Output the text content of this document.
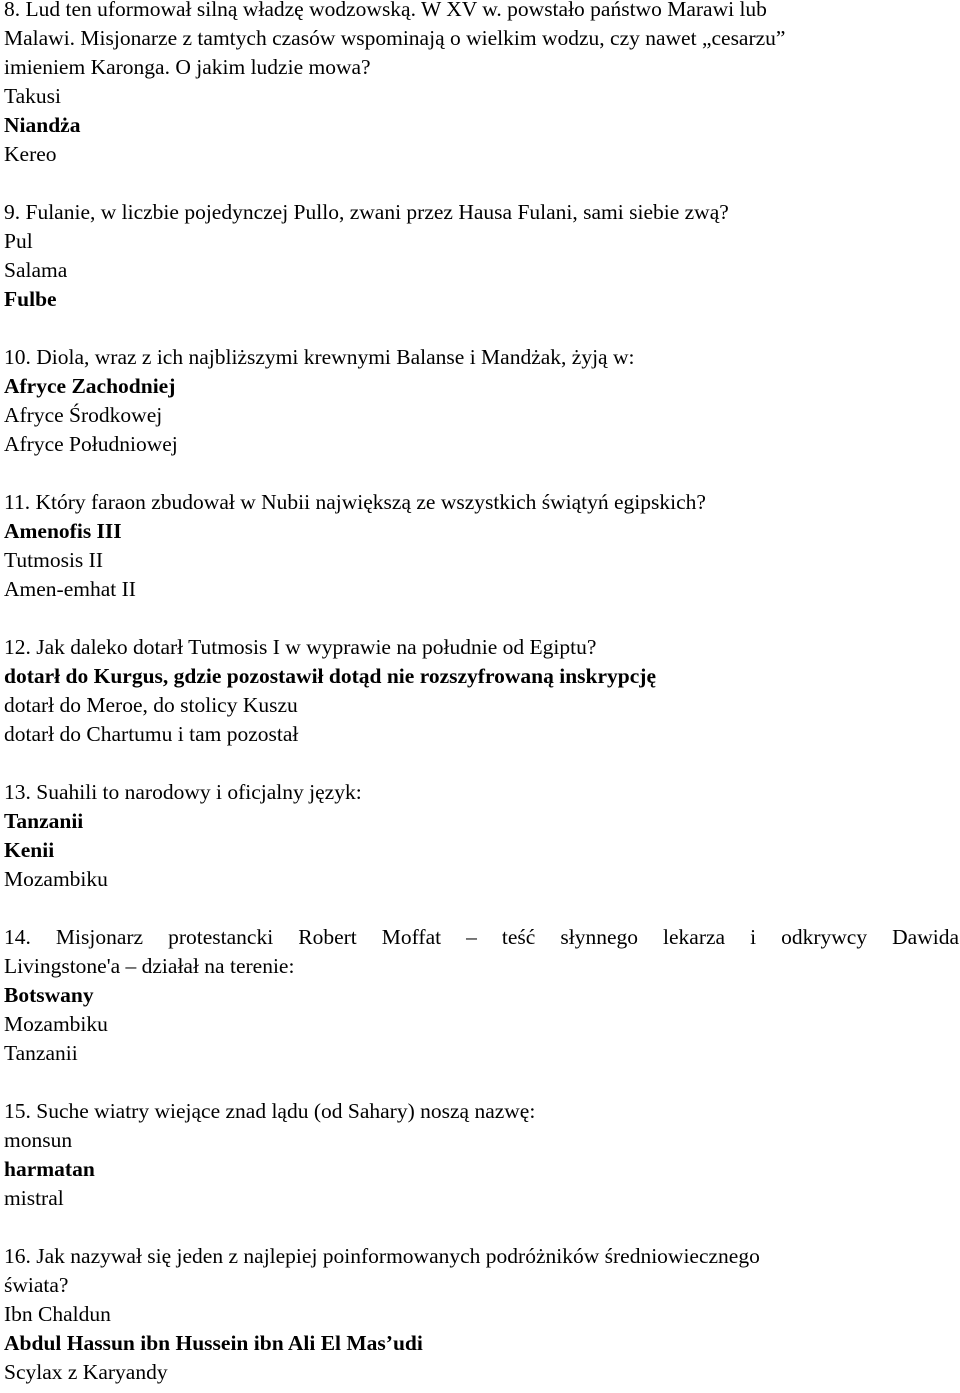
8. Lud ten uformował silną władzę wodzowską. W XV w. powstało państwo Marawi lub
Malawi. Misjonarze z tamtych czasów wspominają o wielkim wodzu, czy nawet „cesarzu”
imieniem Karonga. O jakim ludzie mowa?
Takusi
Niandża
Kereo
9. Fulanie, w liczbie pojedynczej Pullo, zwani przez Hausa Fulani, sami siebie zwą?
Pul
Salama
Fulbe
10. Diola, wraz z ich najbliższymi krewnymi Balanse i Mandżak, żyją w:
Afryce Zachodniej
Afryce Środkowej
Afryce Południowej
11. Który faraon zbudował w Nubii największą ze wszystkich świątyń egipskich?
Amenofis III
Tutmosis II
Amen-emhat II
12. Jak daleko dotarł Tutmosis I w wyprawie na południe od Egiptu?
dotarł do Kurgus, gdzie pozostawił dotąd nie rozszyfrowaną inskrypcję
dotarł do Meroe, do stolicy Kuszu
dotarł do Chartumu i tam pozostał
13. Suahili to narodowy i oficjalny język:
Tanzanii
Kenii
Mozambiku
14. Misjonarz protestancki Robert Moffat – teść słynnego lekarza i odkrywcy Dawida
Livingstone'a – działał na terenie:
Botswany
Mozambiku
Tanzanii
15. Suche wiatry wiejące znad lądu (od Sahary) noszą nazwę:
monsun
harmatan
mistral
16. Jak nazywał się jeden z najlepiej poinformowanych podróżników średniowiecznego
świata?
Ibn Chaldun
Abdul Hassun ibn Hussein ibn Ali El Mas’udi
Scylax z Karyandy
